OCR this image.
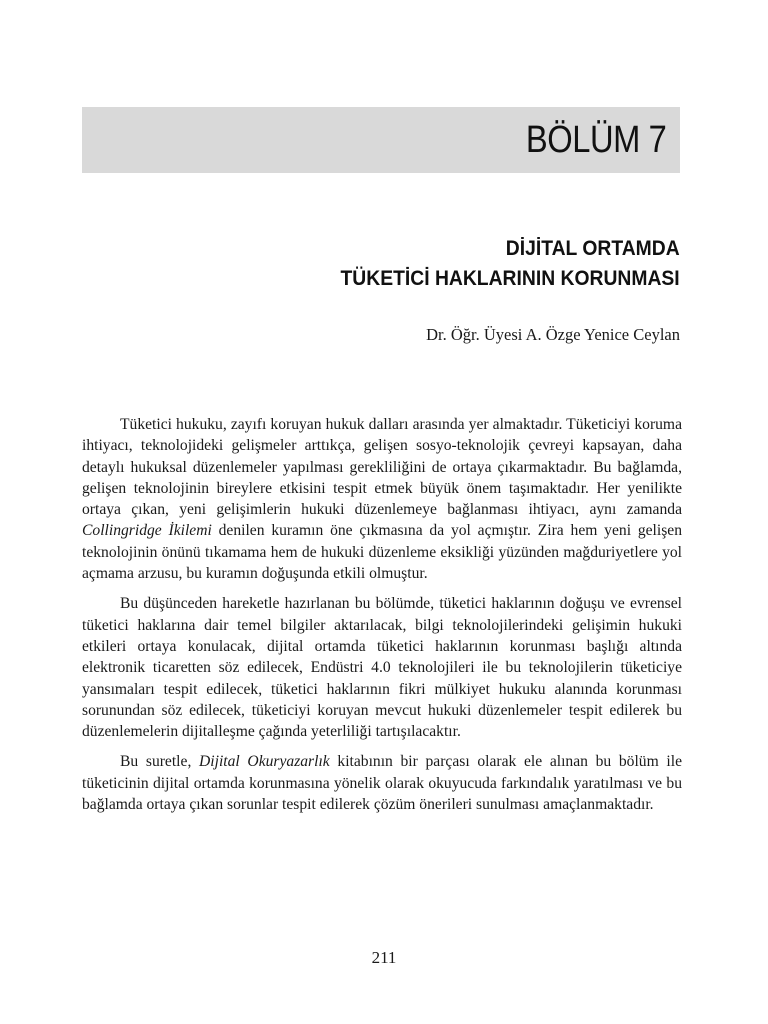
BÖLÜM 7
DİJİTAL ORTAMDA
TÜKETİCİ HAKLARININ KORUNMASI
Dr. Öğr. Üyesi A. Özge Yenice Ceylan

Tüketici hukuku, zayıfı koruyan hukuk dalları arasında yer almaktadır. Tüketiciyi koruma ihtiyacı, teknolojideki gelişmeler arttıkça, gelişen sosyo-teknolojik çevreyi kapsayan, daha detaylı hukuksal düzenlemeler yapılması gerekliliğini de ortaya çıkarmaktadır. Bu bağlamda, gelişen teknolojinin bireylere etkisini tespit etmek büyük önem taşımaktadır. Her yenilikte ortaya çıkan, yeni gelişimlerin hukuki düzenlemeye bağlanması ihtiyacı, aynı zamanda Collingridge İkilemi denilen kuramın öne çıkmasına da yol açmıştır. Zira hem yeni gelişen teknolojinin önünü tıkamama hem de hukuki düzenleme eksikliği yüzünden mağduriyetlere yol açmama arzusu, bu kuramın doğuşunda etkili olmuştur.

Bu düşünceden hareketle hazırlanan bu bölümde, tüketici haklarının doğuşu ve evrensel tüketici haklarına dair temel bilgiler aktarılacak, bilgi teknolojilerindeki gelişimin hukuki etkileri ortaya konulacak, dijital ortamda tüketici haklarının korunması başlığı altında elektronik ticaretten söz edilecek, Endüstri 4.0 teknolojileri ile bu teknolojilerin tüketiciye yansımaları tespit edilecek, tüketici haklarının fikri mülkiyet hukuku alanında korunması sorunundan söz edilecek, tüketiciyi koruyan mevcut hukuki düzenlemeler tespit edilerek bu düzenlemelerin dijitalleşme çağında yeterliliği tartışılacaktır.

Bu suretle, Dijital Okuryazarlık kitabının bir parçası olarak ele alınan bu bölüm ile tüketicinin dijital ortamda korunmasına yönelik olarak okuyucuda farkındalık yaratılması ve bu bağlamda ortaya çıkan sorunlar tespit edilerek çözüm önerileri sunulması amaçlanmaktadır.

211
